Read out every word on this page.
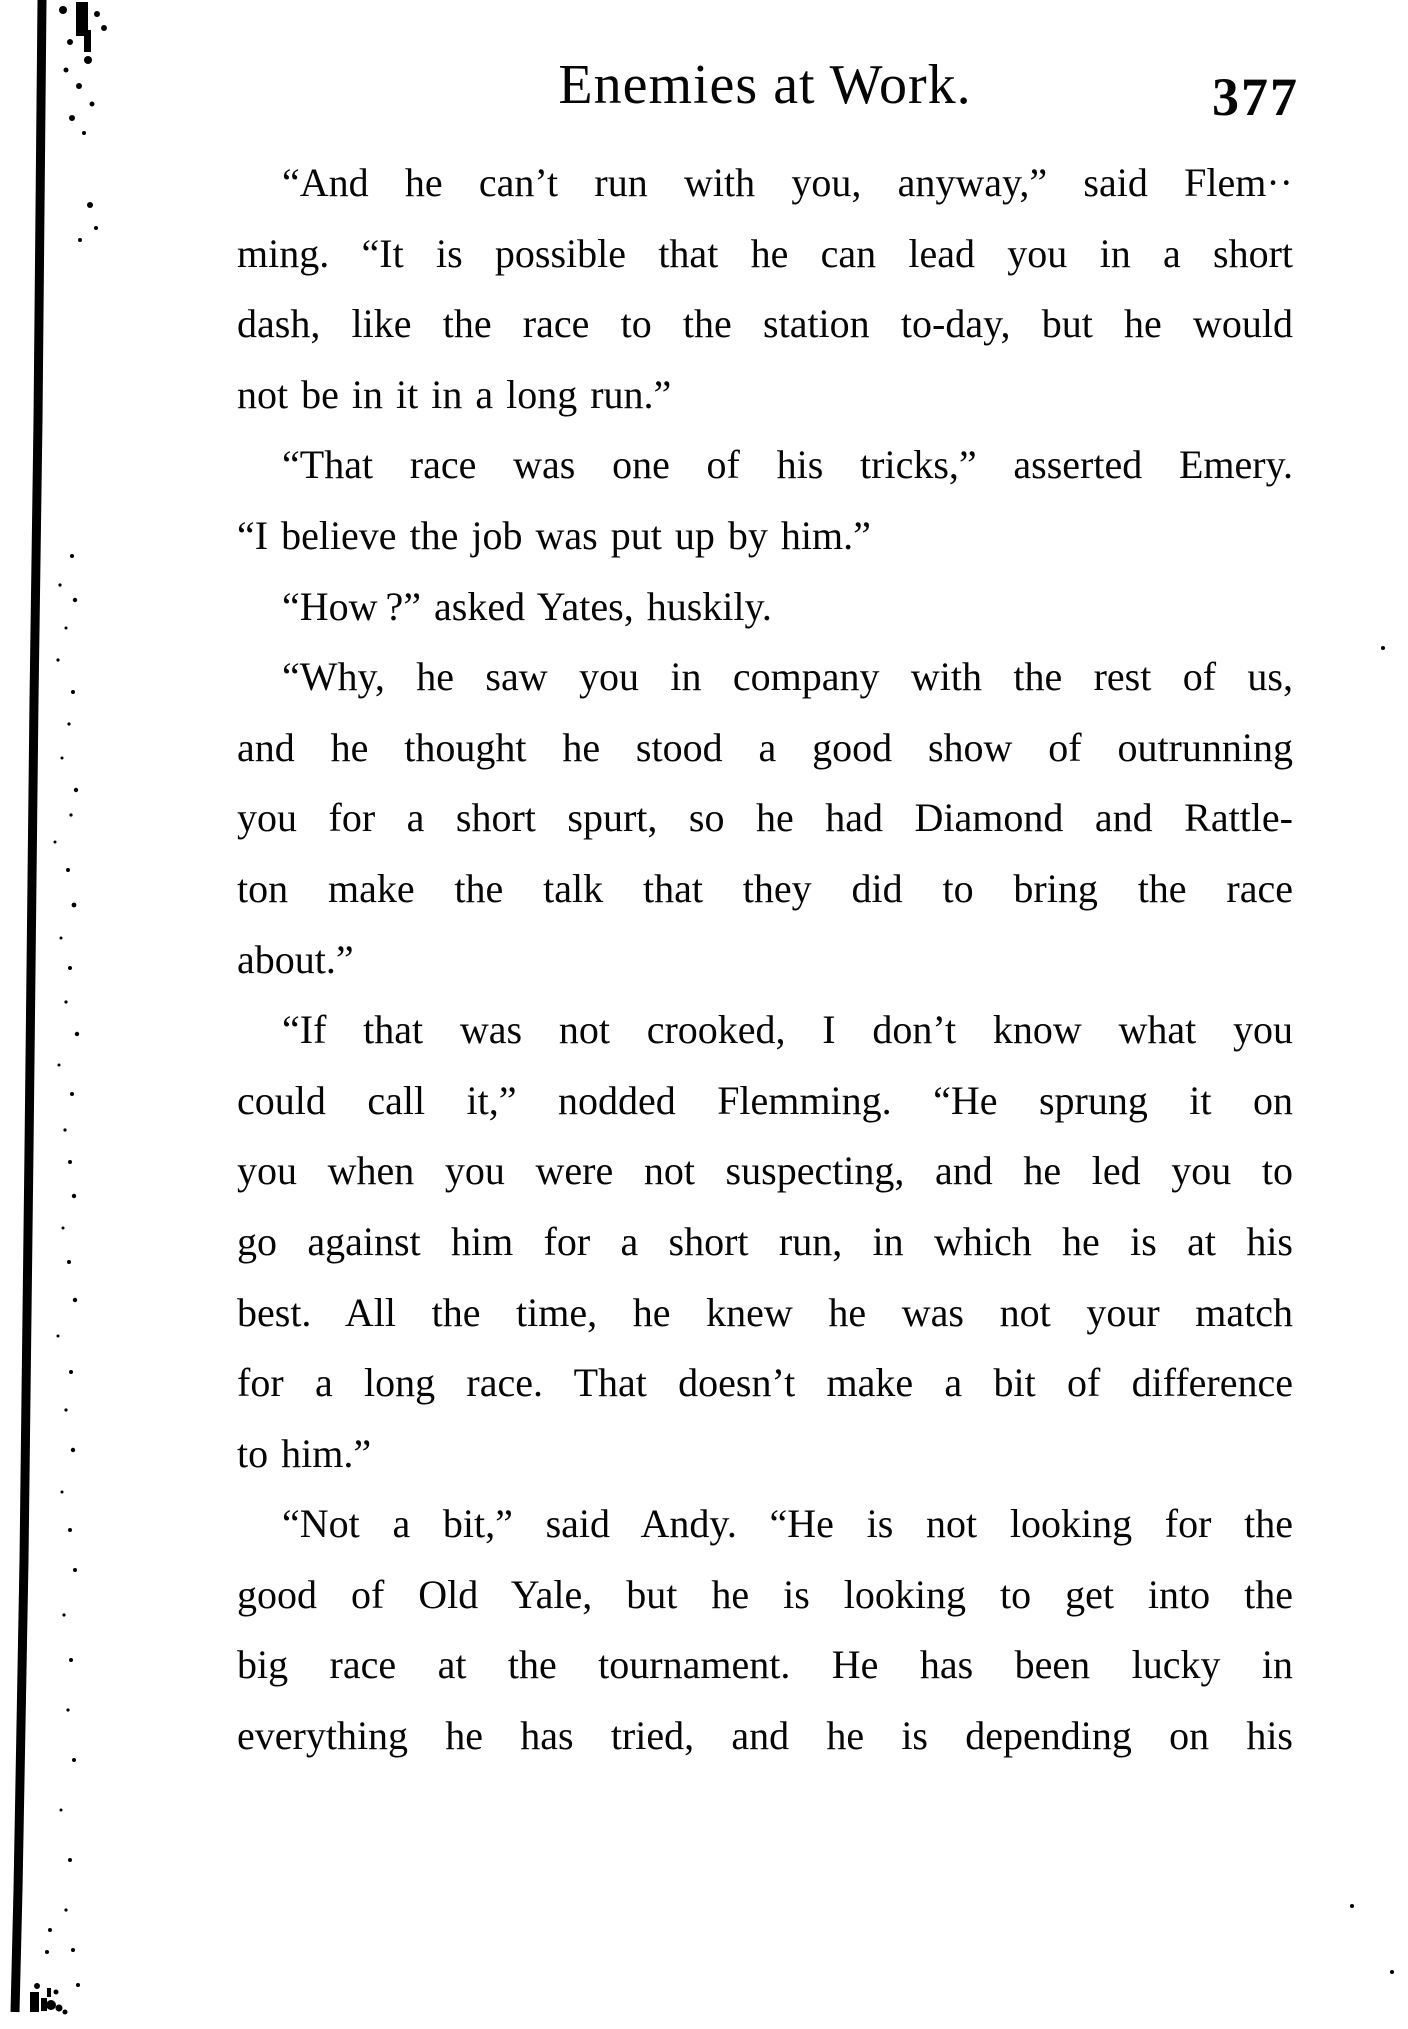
Enemies at Work.	377
“And he can’t run with you, anyway,” said Flem··
ming. “It is possible that he can lead you in a short
dash, like the race to the station to-day, but he would
not be in it in a long run.”
“That race was one of his tricks,” asserted Emery.
“I believe the job was put up by him.”
“How ?” asked Yates, huskily.
“Why, he saw you in company with the rest of us,
and he thought he stood a good show of outrunning
you for a short spurt, so he had Diamond and Rattle-
ton make the talk that they did to bring the race
about.”
“If that was not crooked, I don’t know what you
could call it,” nodded Flemming. “He sprung it on
you when you were not suspecting, and he led you to
go against him for a short run, in which he is at his
best. All the time, he knew he was not your match
for a long race. That doesn’t make a bit of difference
to him.”
“Not a bit,” said Andy. “He is not looking for the
good of Old Yale, but he is looking to get into the
big race at the tournament. He has been lucky in
everything he has tried, and he is depending on his
